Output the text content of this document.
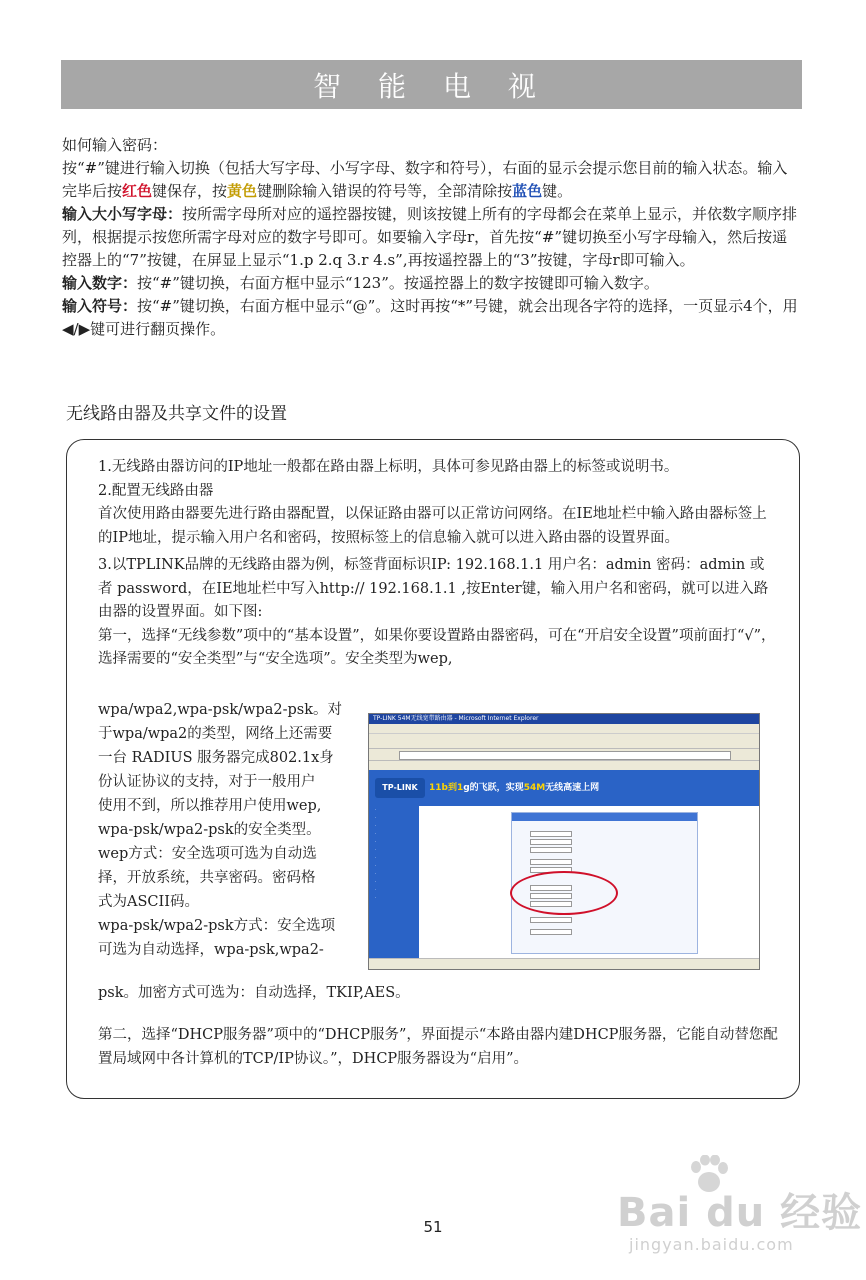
智 能 电 视

如何输入密码：

按“#”键进行输入切换（包括大写字母、小写字母、数字和符号），右面的显示会提示您目前的输入状态。输入完毕后按红色键保存，按黄色键删除输入错误的符号等，全部清除按蓝色键。

输入大小写字母：按所需字母所对应的遥控器按键，则该按键上所有的字母都会在菜单上显示，并依数字顺序排列，根据提示按您所需字母对应的数字号即可。如要输入字母r，首先按“#”键切换至小写字母输入，然后按遥控器上的“7”按键，在屏显上显示“1.p 2.q 3.r 4.s”,再按遥控器上的“3”按键，字母r即可输入。

输入数字：按“#”键切换，右面方框中显示“123”。按遥控器上的数字按键即可输入数字。

输入符号：按“#”键切换，右面方框中显示“@”。这时再按“*”号键，就会出现各字符的选择，一页显示4个，用◀/▶键可进行翻页操作。

无线路由器及共享文件的设置

1.无线路由器访问的IP地址一般都在路由器上标明，具体可参见路由器上的标签或说明书。

2.配置无线路由器

首次使用路由器要先进行路由器配置，以保证路由器可以正常访问网络。在IE地址栏中输入路由器标签上的IP地址，提示输入用户名和密码，按照标签上的信息输入就可以进入路由器的设置界面。

3.以TPLINK品牌的无线路由器为例，标签背面标识IP: 192.168.1.1 用户名：admin 密码：admin 或者 password，在IE地址栏中写入http:// 192.168.1.1 ,按Enter键，输入用户名和密码，就可以进入路由器的设置界面。如下图:

第一，选择“无线参数”项中的“基本设置”，如果你要设置路由器密码，可在“开启安全设置”项前面打“√”，选择需要的“安全类型”与“安全选项”。安全类型为wep,

wpa/wpa2,wpa-psk/wpa2-psk。对

于wpa/wpa2的类型，网络上还需要

一台 RADIUS 服务器完成802.1x身

份认证协议的支持，对于一般用户

使用不到，所以推荐用户使用wep,

wpa-psk/wpa2-psk的安全类型。

wep方式：安全选项可选为自动选

择，开放系统，共享密码。密码格

式为ASCII码。

wpa-psk/wpa2-psk方式：安全选项

可选为自动选择，wpa-psk,wpa2-

psk。加密方式可选为：自动选择，TKIP,AES。
第二，选择“DHCP服务器”项中的“DHCP服务”，界面提示“本路由器内建DHCP服务器，它能自动替您配置局域网中各计算机的TCP/IP协议。”，DHCP服务器设为“启用”。
TP-LINK 54M无线宽带路由器 - Microsoft Internet Explorer
TP-LINK	11b到1g的飞跃，实现54M无线高速上网
·
·
·
·
·
·
·
·
·
·
·
·
51	Bai du 经验
jingyan.baidu.com
